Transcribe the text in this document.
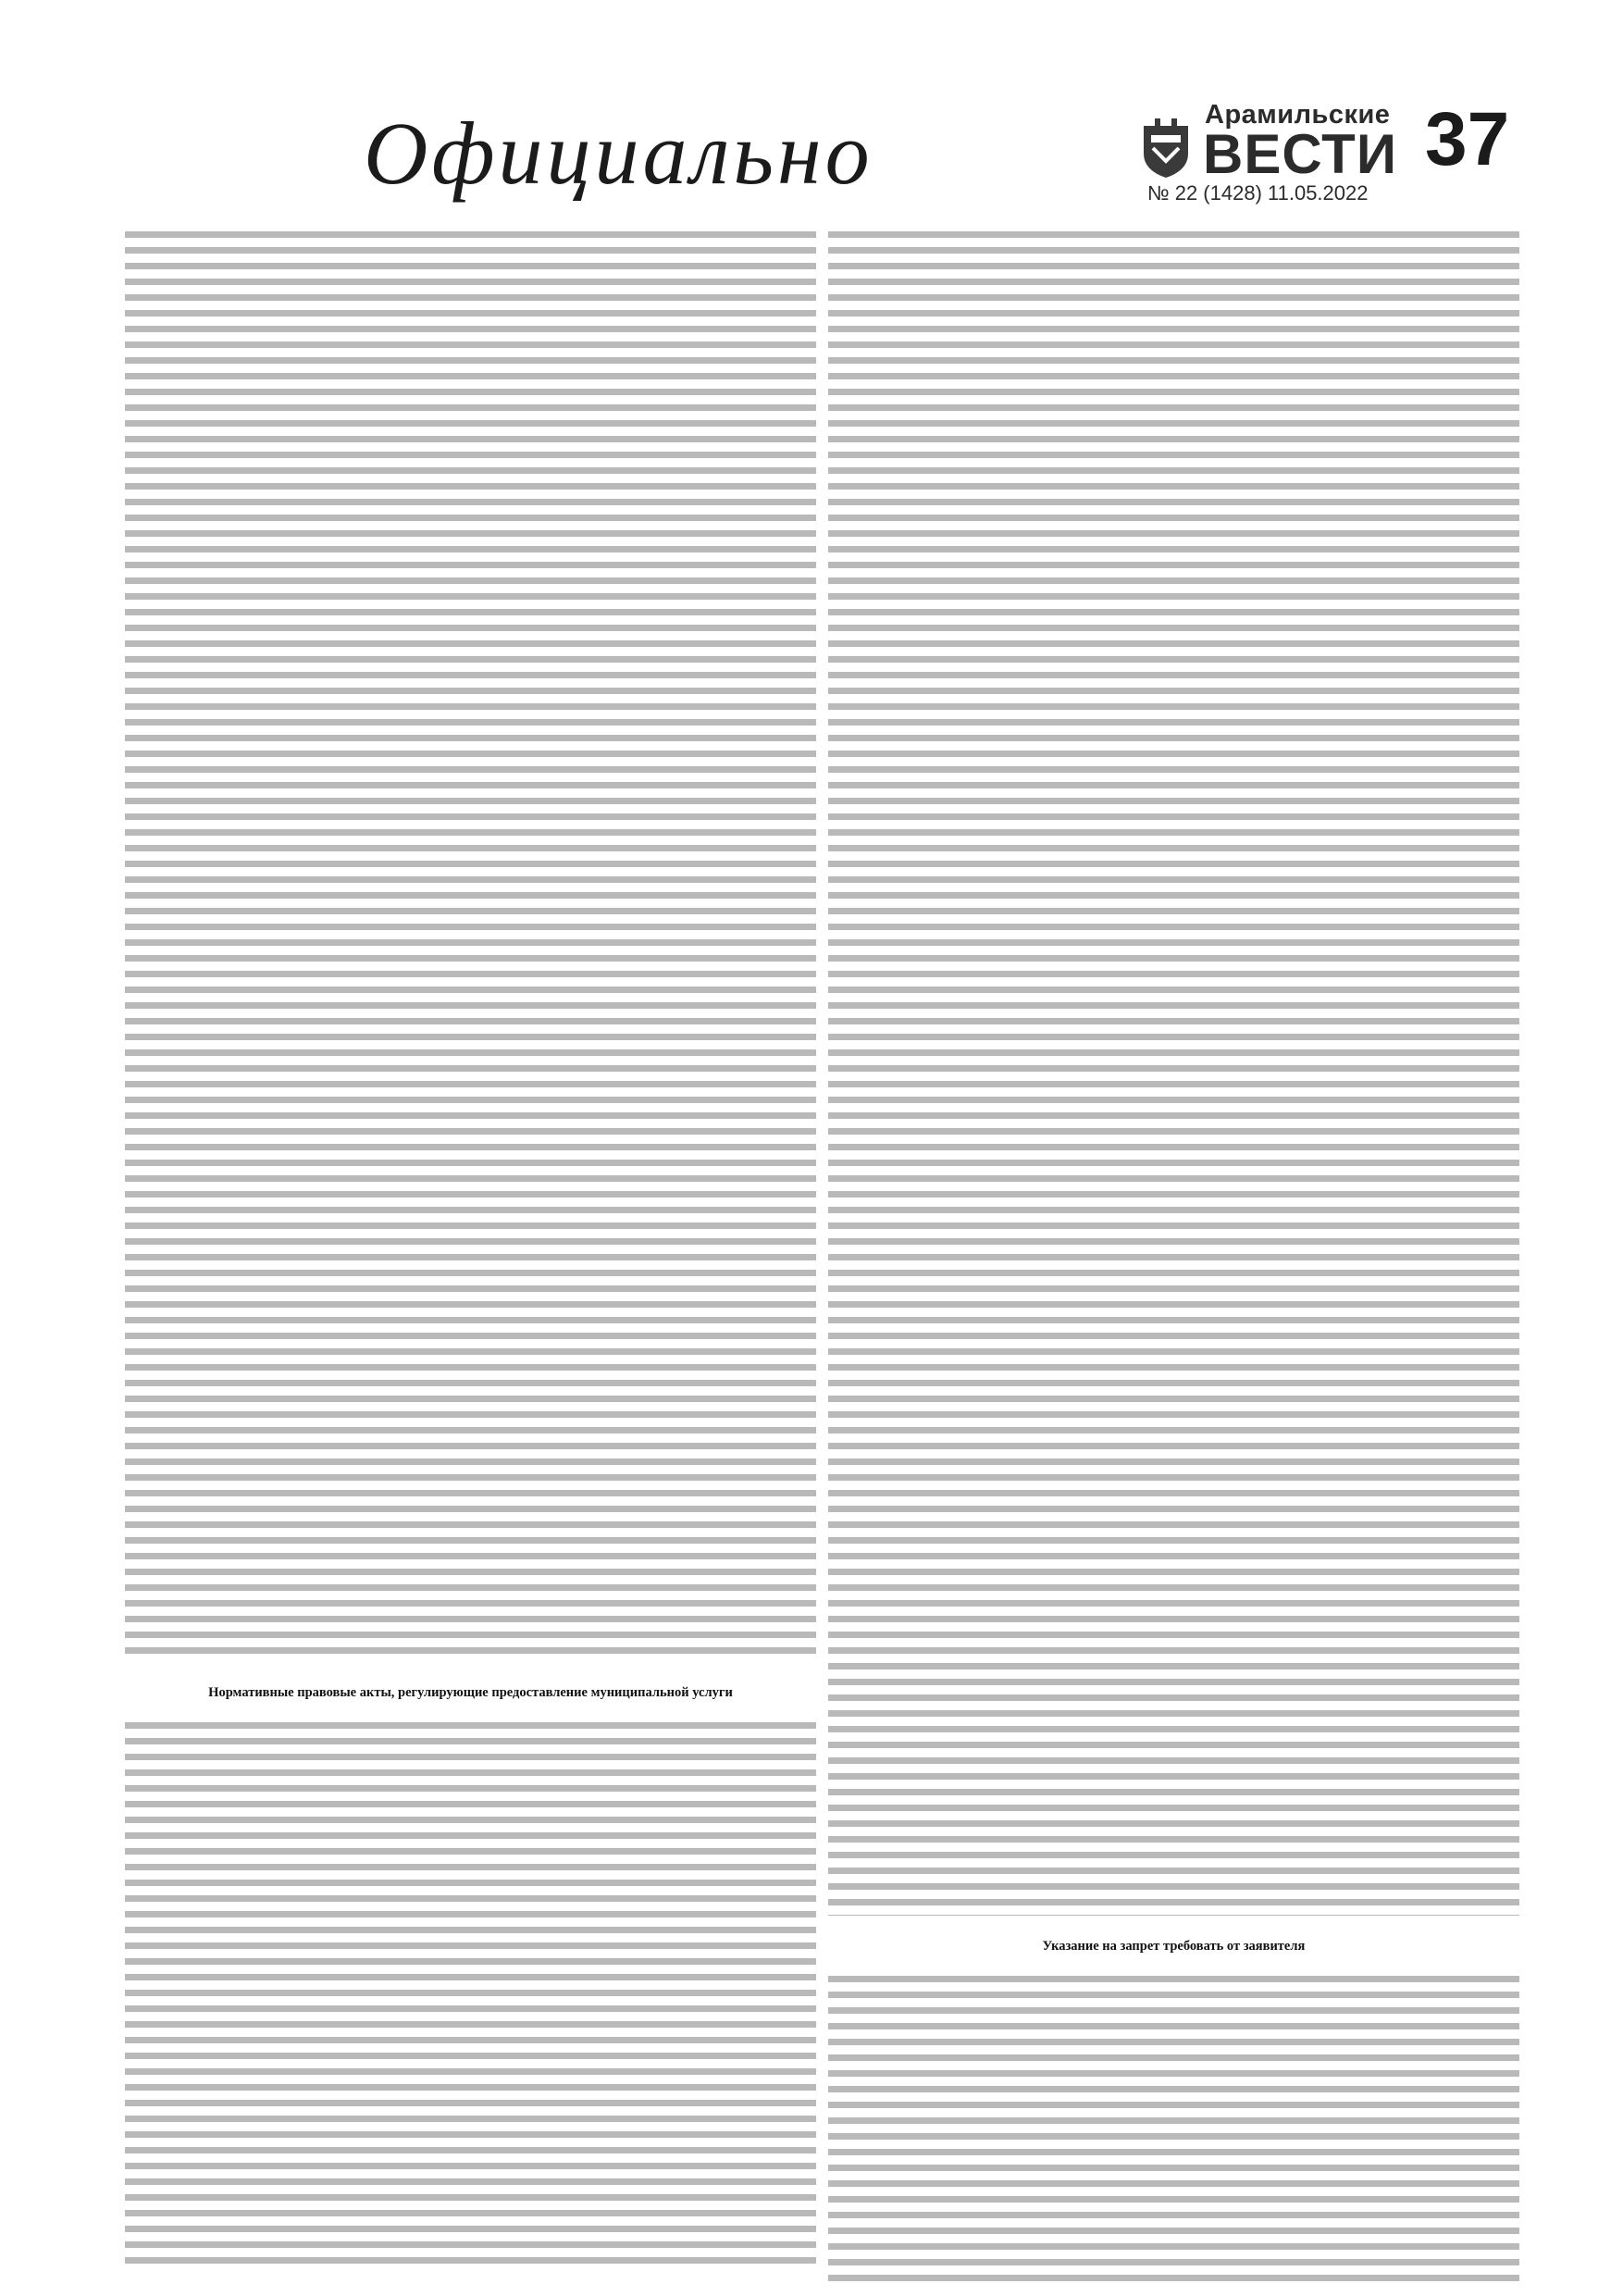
Официально	Арамильские
ВЕСТИ 37
№ 22 (1428) 11.05.2022
Нормативные правовые акты, регулирующие предоставление муниципальной услуги
Указание на запрет требовать от заявителя
